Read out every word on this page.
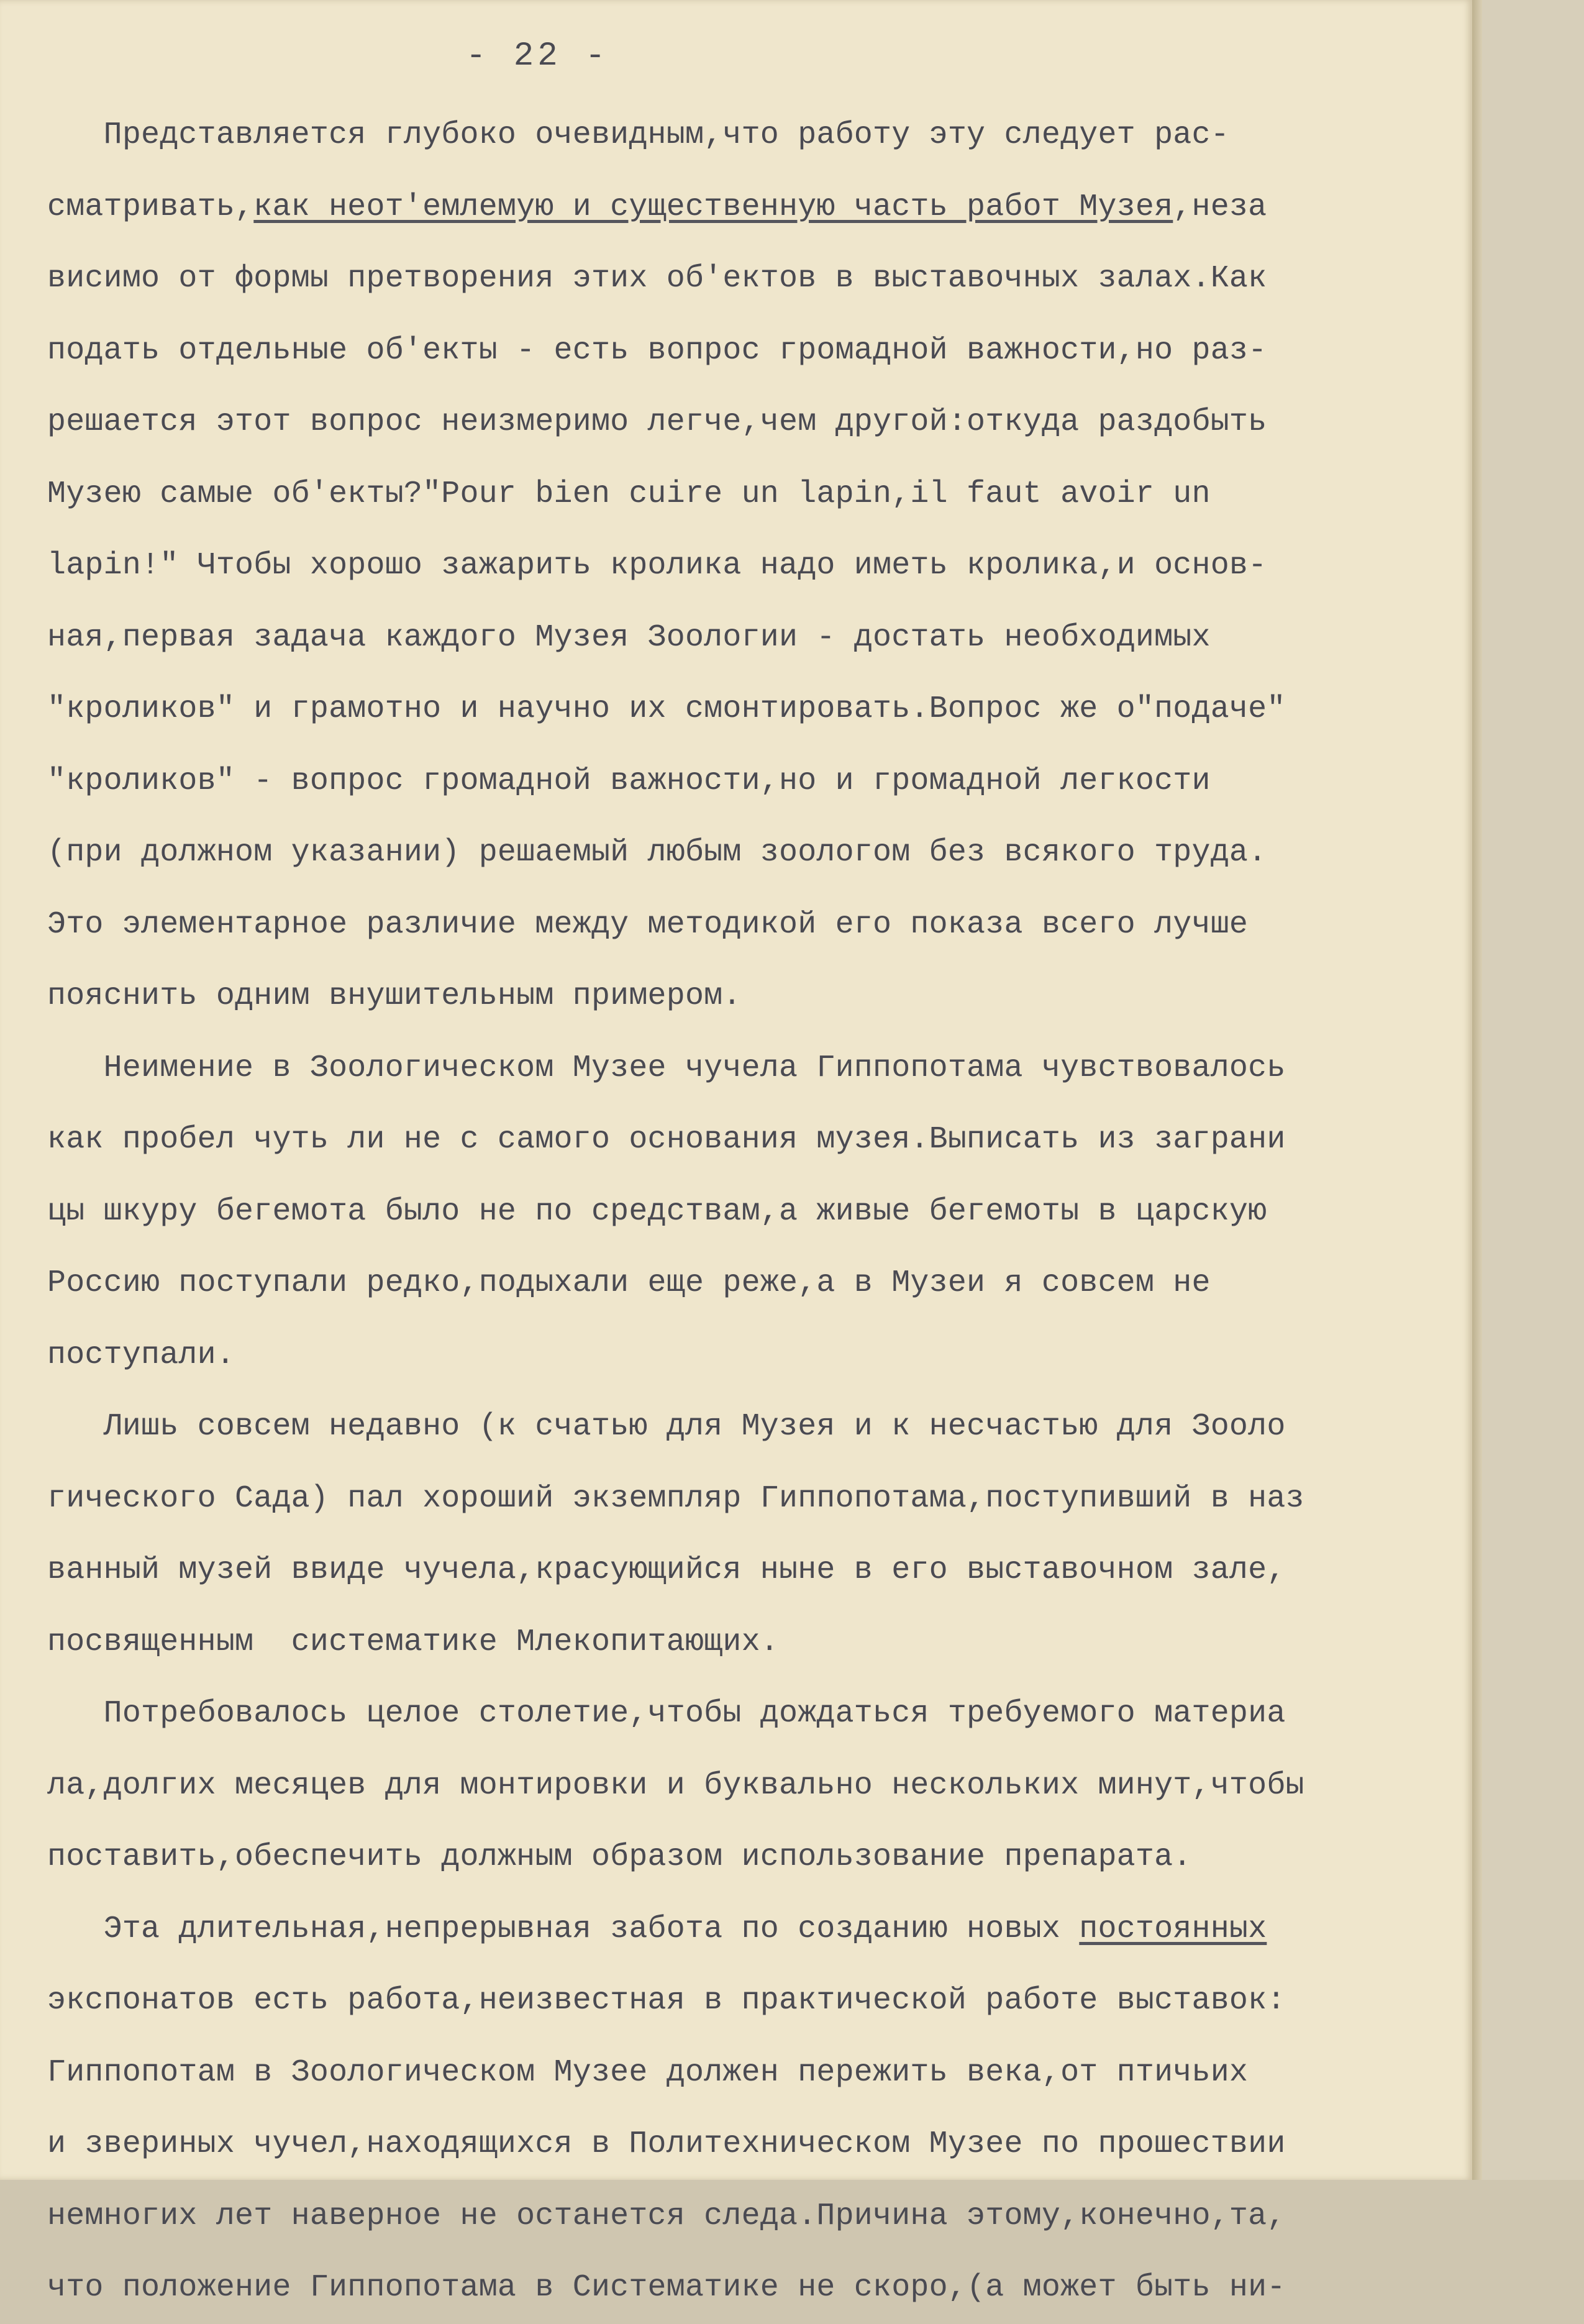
- 22 -

Представляется глубоко очевидным,что работу эту следует рас-
сматривать,как неот'емлемую и существенную часть работ Музея,неза
висимо от формы претворения этих об'ектов в выставочных залах.Как
подать отдельные об'екты - есть вопрос громадной важности,но раз-
решается этот вопрос неизмеримо легче,чем другой:откуда раздобыть
Музею самые об'екты?"Pour bien cuire un lapin,il faut avoir un
lapin!" Чтобы хорошо зажарить кролика надо иметь кролика,и основ-
ная,первая задача каждого Музея Зоологии - достать необходимых
"кроликов" и грамотно и научно их смонтировать.Вопрос же о"подаче"
"кроликов" - вопрос громадной важности,но и громадной легкости
(при должном указании) решаемый любым зоологом без всякого труда.
Это элементарное различие между методикой его показа всего лучше
пояснить одним внушительным примером.
Неимение в Зоологическом Музее чучела Гиппопотама чувствовалось
как пробел чуть ли не с самого основания музея.Выписать из заграни
цы шкуру бегемота было не по средствам,а живые бегемоты в царскую
Россию поступали редко,подыхали еще реже,а в Музеи я совсем не
поступали.
Лишь совсем недавно (к счатью для Музея и к несчастью для Зооло
гического Сада) пал хороший экземпляр Гиппопотама,поступивший в наз
ванный музей ввиде чучела,красующийся ныне в его выставочном зале,
посвященным  систематике Млекопитающих.
Потребовалось целое столетие,чтобы дождаться требуемого материа
ла,долгих месяцев для монтировки и буквально нескольких минут,чтобы
поставить,обеспечить должным образом использование препарата.
Эта длительная,непрерывная забота по созданию новых постоянных
экспонатов есть работа,неизвестная в практической работе выставок:
Гиппопотам в Зоологическом Музее должен пережить века,от птичьих
и звериных чучел,находящихся в Политехническом Музее по прошествии
немногих лет наверное не останется следа.Причина этому,конечно,та,
что положение Гиппопотама в Систематике не скоро,(а может быть ни-
